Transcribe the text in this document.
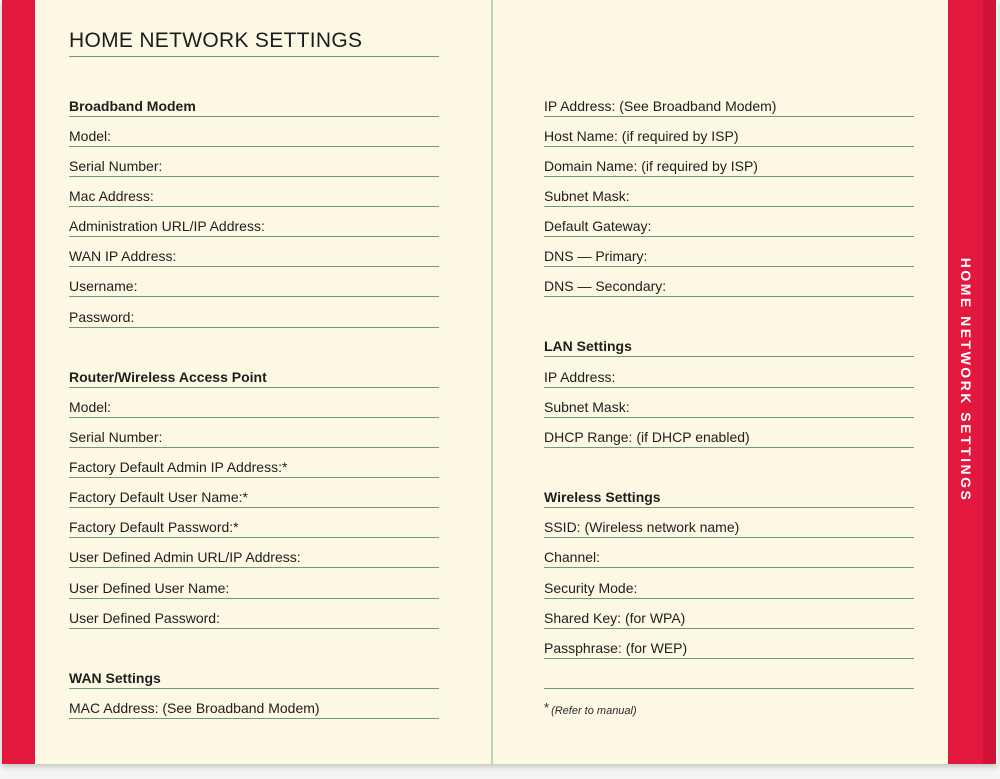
HOME NETWORK SETTINGS
Broadband Modem
Model:
Serial Number:
Mac Address:
Administration URL/IP Address:
WAN IP Address:
Username:
Password:
Router/Wireless Access Point
Model:
Serial Number:
Factory Default Admin IP Address:*
Factory Default User Name:*
Factory Default Password:*
User Defined Admin URL/IP Address:
User Defined User Name:
User Defined Password:
WAN Settings
MAC Address: (See Broadband Modem)
IP Address: (See Broadband Modem)
Host Name: (if required by ISP)
Domain Name: (if required by ISP)
Subnet Mask:
Default Gateway:
DNS — Primary:
DNS — Secondary:
LAN Settings
IP Address:
Subnet Mask:
DHCP Range: (if DHCP enabled)
Wireless Settings
SSID: (Wireless network name)
Channel:
Security Mode:
Shared Key: (for WPA)
Passphrase: (for WEP)
* (Refer to manual)
HOME NETWORK SETTINGS
